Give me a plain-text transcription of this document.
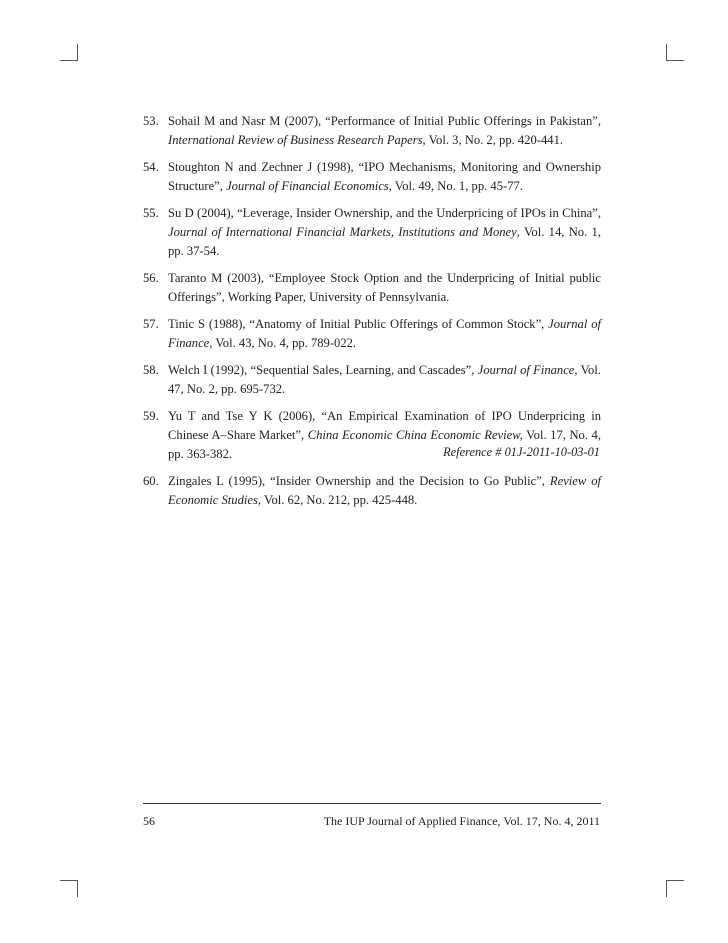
53. Sohail M and Nasr M (2007), “Performance of Initial Public Offerings in Pakistan”, International Review of Business Research Papers, Vol. 3, No. 2, pp. 420-441.
54. Stoughton N and Zechner J (1998), “IPO Mechanisms, Monitoring and Ownership Structure”, Journal of Financial Economics, Vol. 49, No. 1, pp. 45-77.
55. Su D (2004), “Leverage, Insider Ownership, and the Underpricing of IPOs in China”, Journal of International Financial Markets, Institutions and Money, Vol. 14, No. 1, pp. 37-54.
56. Taranto M (2003), “Employee Stock Option and the Underpricing of Initial public Offerings”, Working Paper, University of Pennsylvania.
57. Tinic S (1988), “Anatomy of Initial Public Offerings of Common Stock”, Journal of Finance, Vol. 43, No. 4, pp. 789-022.
58. Welch I (1992), “Sequential Sales, Learning, and Cascades”, Journal of Finance, Vol. 47, No. 2, pp. 695-732.
59. Yu T and Tse Y K (2006), “An Empirical Examination of IPO Underpricing in Chinese A–Share Market”, China Economic China Economic Review, Vol. 17, No. 4, pp. 363-382.
60. Zingales L (1995), “Insider Ownership and the Decision to Go Public”, Review of Economic Studies, Vol. 62, No. 212, pp. 425-448.
Reference # 01J-2011-10-03-01
56	The IUP Journal of Applied Finance, Vol. 17, No. 4, 2011
